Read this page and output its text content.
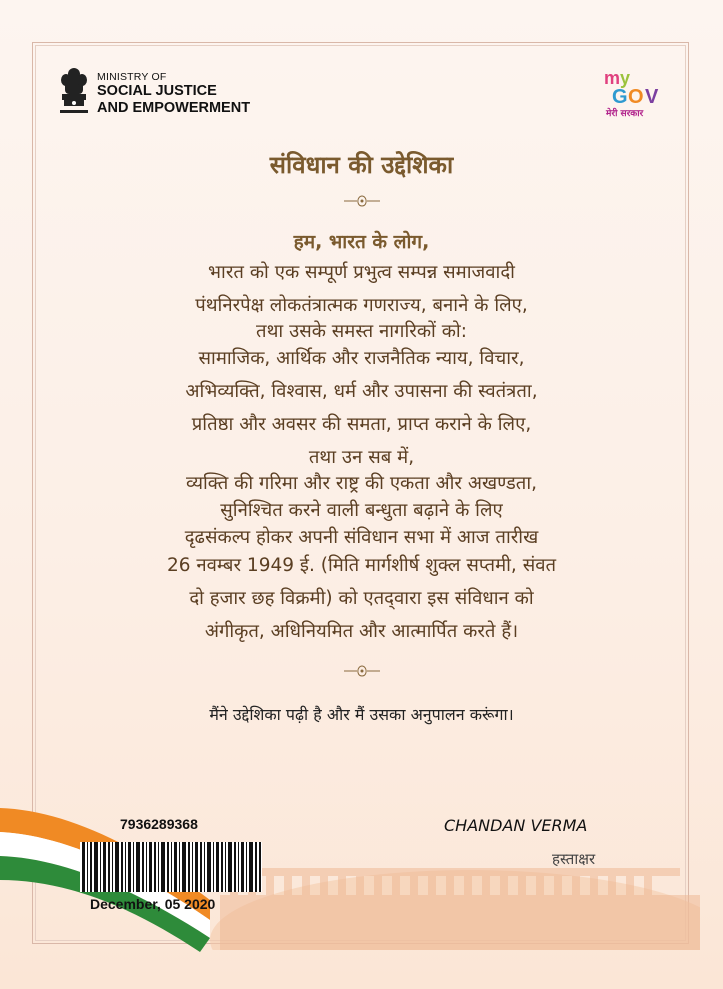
MINISTRY OF
SOCIAL JUSTICE
AND EMPOWERMENT
m y
G O V
मेरी सरकार
संविधान की उद्देशिका
हम, भारत के लोग,
भारत को एक सम्पूर्ण प्रभुत्व सम्पन्न समाजवादी
पंथनिरपेक्ष लोकतंत्रात्मक गणराज्य, बनाने के लिए,
तथा उसके समस्त नागरिकों को:
सामाजिक, आर्थिक और राजनैतिक न्याय, विचार,
अभिव्यक्ति, विश्वास, धर्म और उपासना की स्वतंत्रता,
प्रतिष्ठा और अवसर की समता, प्राप्त कराने के लिए,
तथा उन सब में,
व्यक्ति की गरिमा और राष्ट्र की एकता और अखण्डता,
सुनिश्चित करने वाली बन्धुता बढ़ाने के लिए
दृढसंकल्प होकर अपनी संविधान सभा में आज तारीख
26 नवम्बर 1949 ई. (मिति मार्गशीर्ष शुक्ल सप्तमी, संवत
दो हजार छह विक्रमी) को एतद्‌वारा इस संविधान को
अंगीकृत, अधिनियमित और आत्मार्पित करते हैं।
मैंने उद्देशिका पढ़ी है और मैं उसका अनुपालन करूंगा।
7936289368
December, 05 2020
CHANDAN VERMA
हस्ताक्षर
